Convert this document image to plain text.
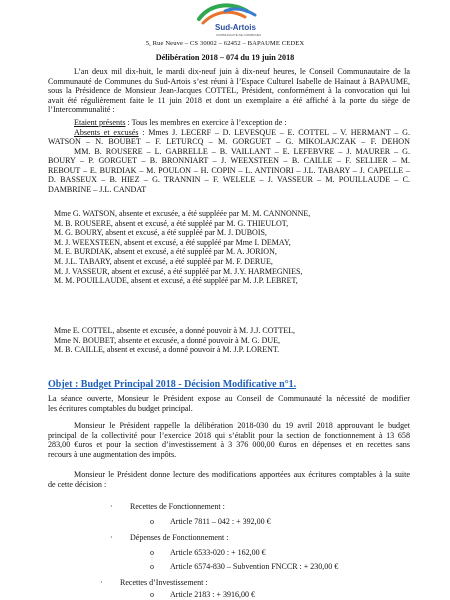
Sud-Artois
COMMUNAUTÉ DE COMMUNES
5, Rue Neuve – CS 30002 – 62452 – BAPAUME CEDEX
Délibération 2018 – 074 du 19 juin 2018
L’an deux mil dix-huit, le mardi dix-neuf juin à dix-neuf heures, le Conseil Communautaire de la
Communauté de Communes du Sud-Artois s’est réuni à l’Espace Culturel Isabelle de Hainaut à BAPAUME,
sous la Présidence de Monsieur Jean-Jacques COTTEL, Président, conformément à la convocation qui lui
avait été régulièrement faite le 11 juin 2018 et dont un exemplaire a été affiché à la porte du siège de
l’Intercommunalité :
Etaient présents : Tous les membres en exercice à l’exception de :
Absents et excusés : Mmes J. LECERF – D. LEVESQUE – E. COTTEL – V. HERMANT – G.
WATSON – N. BOUBET – F. LETURCQ – M. GORGUET – G. MIKOLAJCZAK – F. DEHON
MM. B. ROUSERE – L. GABRELLE – B. VAILLANT – E. LEFEBVRE – J. MAURER – G.
BOURY – P. GORGUET – B. BRONNIART – J. WEEXSTEEN – B. CAILLE – F. SELLIER – M.
REBOUT – E. BURDIAK – M. POULON – H. COPIN – L. ANTINORI – J.L. TABARY – J. CAPELLE –
D. BASSEUX – B. HIEZ – G. TRANNIN – F. WELELE – J. VASSEUR – M. POUILLAUDE – C.
DAMBRINE – J.L. CANDAT
Mme G. WATSON, absente et excusée, a été suppléée par M. M. CANNONNE,
M. B. ROUSERE, absent et excusé, a été suppléé par M. G. THIEULOT,
M. G. BOURY, absent et excusé, a été suppléé par M. J. DUBOIS,
M. J. WEEXSTEEN, absent et excusé, a été suppléé par Mme I. DEMAY,
M. E. BURDIAK, absent et excusé, a été suppléé par M. A. JORION,
M. J.L. TABARY, absent et excusé, a été suppléé par M. F. DERUE,
M. J. VASSEUR, absent et excusé, a été suppléé par M. J.Y. HARMEGNIES,
M. M. POUILLAUDE, absent et excusé, a été suppléé par M. J.P. LEBRET,
Mme E. COTTEL, absente et excusée, a donné pouvoir à M. J.J. COTTEL,
Mme N. BOUBET, absente et excusée, a donné pouvoir à M. G. DUE,
M. B. CAILLE, absent et excusé, a donné pouvoir à M. J.P. LORENT.
Objet : Budget Principal 2018 - Décision Modificative n°1.
La séance ouverte, Monsieur le Président expose au Conseil de Communauté la nécessité de modifier
les écritures comptables du budget principal.
Monsieur le Président rappelle la délibération 2018-030 du 19 avril 2018 approuvant le budget
principal de la collectivité pour l’exercice 2018 qui s’établit pour la section de fonctionnement à 13 658
283,00 €uros et pour la section d’investissement à 3 376 000,00 €uros en dépenses et en recettes sans
recours à une augmentation des impôts.
Monsieur le Président donne lecture des modifications apportées aux écritures comptables à la suite
de cette décision :
· Recettes de Fonctionnement :
o Article 7811 – 042 : + 392,00 €
· Dépenses de Fonctionnement :
o Article 6533-020 : + 162,00 €
o Article 6574-830 – Subvention FNCCR : + 230,00 €
· Recettes d’Investissement :
o Article 2183 : + 3916,00 €
